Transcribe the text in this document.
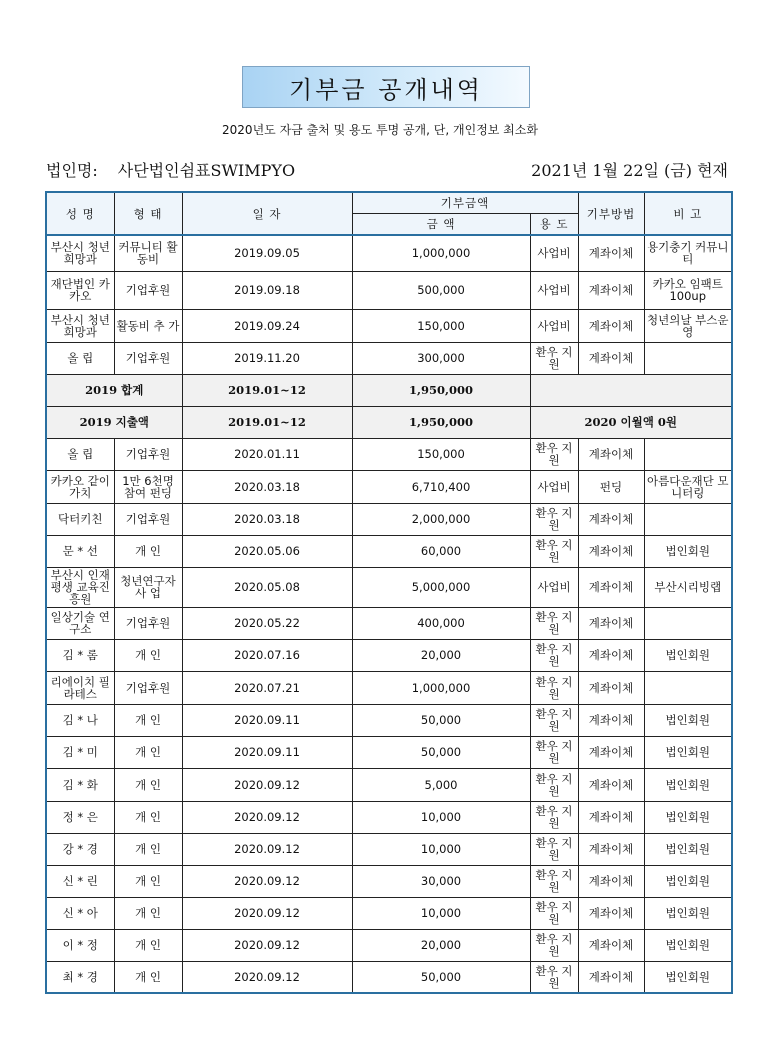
기부금 공개내역
2020년도 자금 출처 및 용도 투명 공개, 단, 개인정보 최소화
법인명: 사단법인쉼표SWIMPYO	2021년 1월 22일 (금) 현재
성 명	형 태	일 자	기부금액		기부방법	비 고
			금 액	용 도		
부산시 청년희망과	커뮤니티 활동비	2019.09.05	1,000,000	사업비	계좌이체	용기충기 커뮤니티
재단법인 카카오	기업후원	2019.09.18	500,000	사업비	계좌이체	카카오 임팩트 100up
부산시 청년희망과	활동비 추 가	2019.09.24	150,000	사업비	계좌이체	청년의날 부스운영
올 립	기업후원	2019.11.20	300,000	환우 지원	계좌이체	
2019 합계		2019.01~12	1,950,000			
2019 지출액		2019.01~12	1,950,000	2020 이월액 0원		
올 립	기업후원	2020.01.11	150,000	환우 지원	계좌이체	
카카오 같이가치	1만 6천명 참여 펀딩	2020.03.18	6,710,400	사업비	펀딩	아름다운재단 모니터링
닥터키친	기업후원	2020.03.18	2,000,000	환우 지원	계좌이체	
문 * 선	개 인	2020.05.06	60,000	환우 지원	계좌이체	법인회원
부산시 인재평생 교육진흥원	청년연구자 사 업	2020.05.08	5,000,000	사업비	계좌이체	부산시리빙랩
일상기술 연구소	기업후원	2020.05.22	400,000	환우 지원	계좌이체	
김 * 롬	개 인	2020.07.16	20,000	환우 지원	계좌이체	법인회원
리에이치 필라테스	기업후원	2020.07.21	1,000,000	환우 지원	계좌이체	
김 * 나	개 인	2020.09.11	50,000	환우 지원	계좌이체	법인회원
김 * 미	개 인	2020.09.11	50,000	환우 지원	계좌이체	법인회원
김 * 화	개 인	2020.09.12	5,000	환우 지원	계좌이체	법인회원
정 * 은	개 인	2020.09.12	10,000	환우 지원	계좌이체	법인회원
강 * 경	개 인	2020.09.12	10,000	환우 지원	계좌이체	법인회원
신 * 린	개 인	2020.09.12	30,000	환우 지원	계좌이체	법인회원
신 * 아	개 인	2020.09.12	10,000	환우 지원	계좌이체	법인회원
이 * 정	개 인	2020.09.12	20,000	환우 지원	계좌이체	법인회원
최 * 경	개 인	2020.09.12	50,000	환우 지원	계좌이체	법인회원
